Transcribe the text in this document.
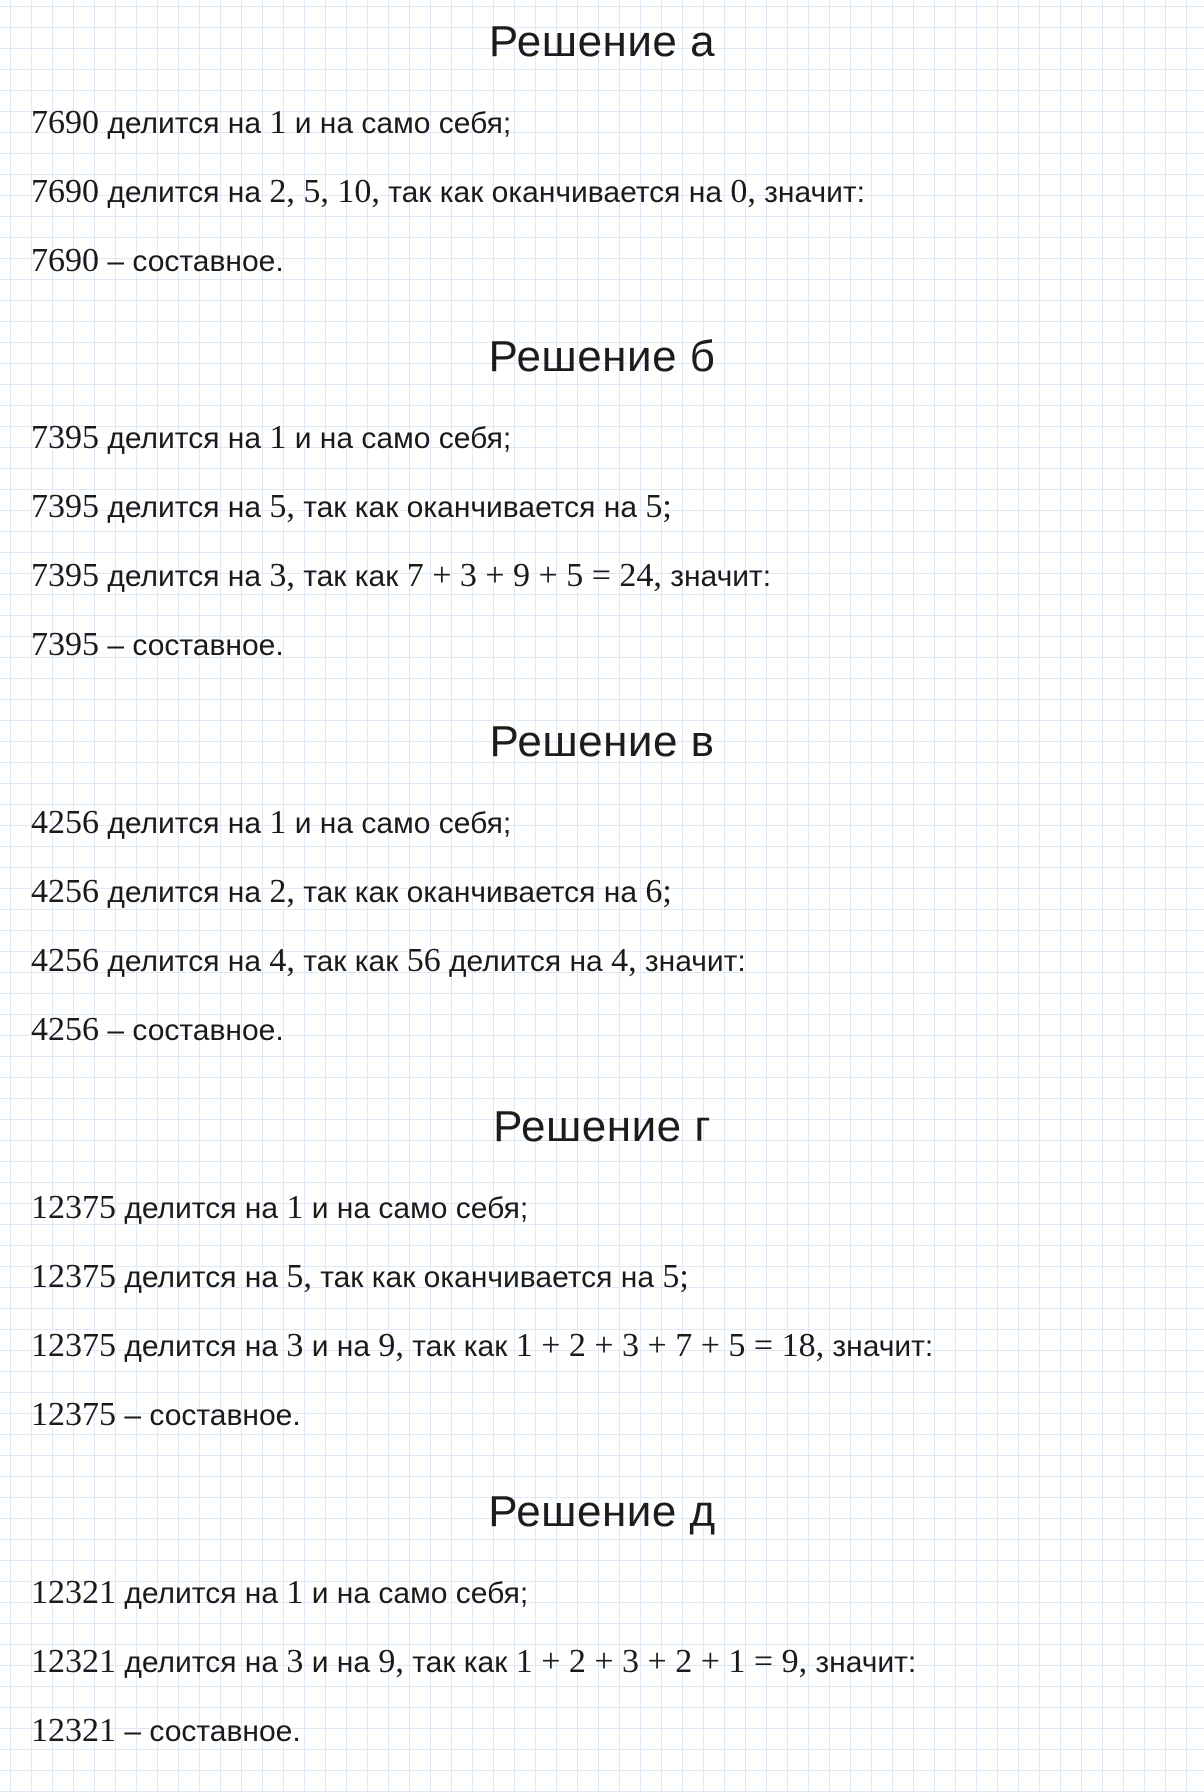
Решение а
7690 делится на 1 и на само себя;
7690 делится на 2, 5, 10, так как оканчивается на 0, значит:
7690 – составное.
Решение б
7395 делится на 1 и на само себя;
7395 делится на 5, так как оканчивается на 5;
7395 делится на 3, так как 7 + 3 + 9 + 5 = 24, значит:
7395 – составное.
Решение в
4256 делится на 1 и на само себя;
4256 делится на 2, так как оканчивается на 6;
4256 делится на 4, так как 56 делится на 4, значит:
4256 – составное.
Решение г
12375 делится на 1 и на само себя;
12375 делится на 5, так как оканчивается на 5;
12375 делится на 3 и на 9, так как 1 + 2 + 3 + 7 + 5 = 18, значит:
12375 – составное.
Решение д
12321 делится на 1 и на само себя;
12321 делится на 3 и на 9, так как 1 + 2 + 3 + 2 + 1 = 9, значит:
12321 – составное.
